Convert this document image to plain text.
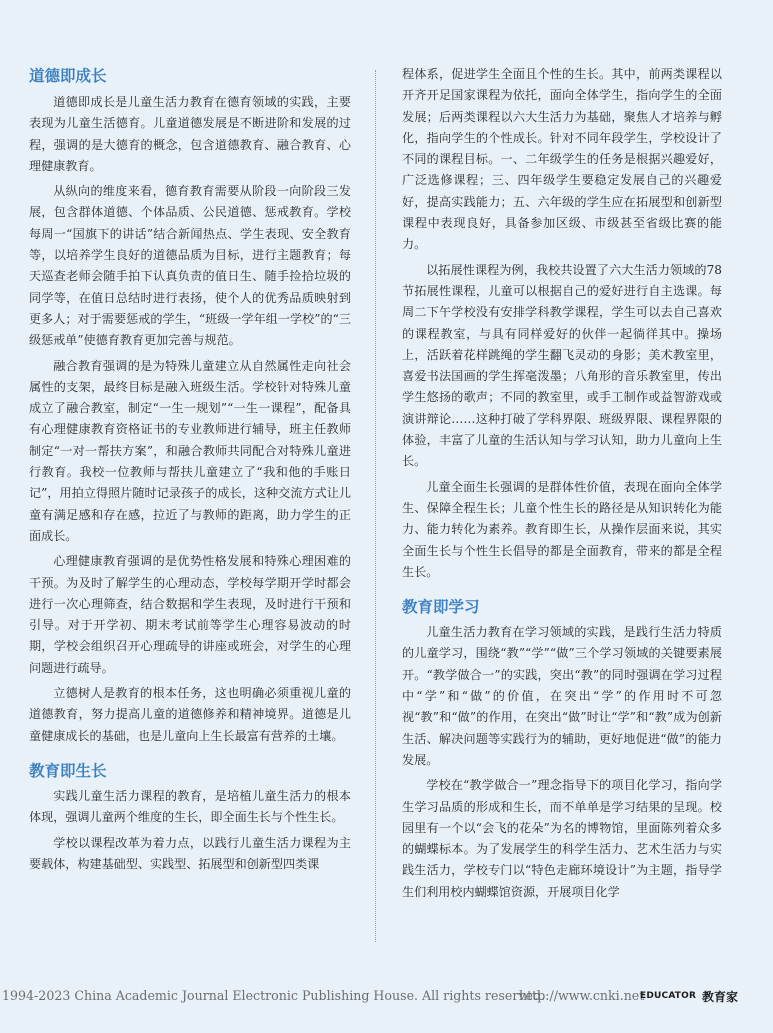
道德即成长

道德即成长是儿童生活力教育在德育领域的实践，主要表现为儿童生活德育。儿童道德发展是不断进阶和发展的过程，强调的是大德育的概念，包含道德教育、融合教育、心理健康教育。

从纵向的维度来看，德育教育需要从阶段一向阶段三发展，包含群体道德、个体品质、公民道德、惩戒教育。学校每周一“国旗下的讲话”结合新闻热点、学生表现、安全教育等，以培养学生良好的道德品质为目标，进行主题教育；每天巡查老师会随手拍下认真负责的值日生、随手捡拾垃圾的同学等，在值日总结时进行表扬，使个人的优秀品质映射到更多人；对于需要惩戒的学生，“班级一学年组一学校”的“三级惩戒单”使德育教育更加完善与规范。

融合教育强调的是为特殊儿童建立从自然属性走向社会属性的支架，最终目标是融入班级生活。学校针对特殊儿童成立了融合教室，制定“一生一规划”“一生一课程”，配备具有心理健康教育资格证书的专业教师进行辅导，班主任教师制定“一对一帮扶方案”，和融合教师共同配合对特殊儿童进行教育。我校一位教师与帮扶儿童建立了“我和他的手账日记”，用拍立得照片随时记录孩子的成长，这种交流方式让儿童有满足感和存在感，拉近了与教师的距离，助力学生的正面成长。

心理健康教育强调的是优势性格发展和特殊心理困难的干预。为及时了解学生的心理动态，学校每学期开学时都会进行一次心理筛查，结合数据和学生表现，及时进行干预和引导。对于开学初、期末考试前等学生心理容易波动的时期，学校会组织召开心理疏导的讲座或班会，对学生的心理问题进行疏导。

立德树人是教育的根本任务，这也明确必须重视儿童的道德教育，努力提高儿童的道德修养和精神境界。道德是儿童健康成长的基础，也是儿童向上生长最富有营养的土壤。

教育即生长

实践儿童生活力课程的教育，是培植儿童生活力的根本体现，强调儿童两个维度的生长，即全面生长与个性生长。

学校以课程改革为着力点，以践行儿童生活力课程为主要载体，构建基础型、实践型、拓展型和创新型四类课

程体系，促进学生全面且个性的生长。其中，前两类课程以开齐开足国家课程为依托，面向全体学生，指向学生的全面发展；后两类课程以六大生活力为基础，聚焦人才培养与孵化，指向学生的个性成长。针对不同年段学生，学校设计了不同的课程目标。一、二年级学生的任务是根据兴趣爱好，广泛选修课程；三、四年级学生要稳定发展自己的兴趣爱好，提高实践能力；五、六年级的学生应在拓展型和创新型课程中表现良好，具备参加区级、市级甚至省级比赛的能力。

以拓展性课程为例，我校共设置了六大生活力领域的78节拓展性课程，儿童可以根据自己的爱好进行自主选课。每周二下午学校没有安排学科教学课程，学生可以去自己喜欢的课程教室，与具有同样爱好的伙伴一起徜徉其中。操场上，活跃着花样跳绳的学生翻飞灵动的身影；美术教室里，喜爱书法国画的学生挥毫泼墨；八角形的音乐教室里，传出学生悠扬的歌声；不同的教室里，或手工制作或益智游戏或演讲辩论……这种打破了学科界限、班级界限、课程界限的体验，丰富了儿童的生活认知与学习认知，助力儿童向上生长。

儿童全面生长强调的是群体性价值，表现在面向全体学生、保障全程生长；儿童个性生长的路径是从知识转化为能力、能力转化为素养。教育即生长，从操作层面来说，其实全面生长与个性生长倡导的都是全面教育，带来的都是全程生长。

教育即学习

儿童生活力教育在学习领域的实践，是践行生活力特质的儿童学习，围绕“教”“学”“做”三个学习领域的关键要素展开。“教学做合一”的实践，突出“教”的同时强调在学习过程中“学”和“做”的价值，在突出“学”的作用时不可忽视“教”和“做”的作用，在突出“做”时让“学”和“教”成为创新生活、解决问题等实践行为的辅助，更好地促进“做”的能力发展。

学校在“教学做合一”理念指导下的项目化学习，指向学生学习品质的形成和生长，而不单单是学习结果的呈现。校园里有一个以“会飞的花朵”为名的博物馆，里面陈列着众多的蝴蝶标本。为了发展学生的科学生活力、艺术生活力与实践生活力，学校专门以“特色走廊环境设计”为主题，指导学生们利用校内蝴蝶馆资源，开展项目化学

1994-2023 China Academic Journal Electronic Publishing House. All rights reserved.
http://www.cnki.net
EDUCATOR 教育家
